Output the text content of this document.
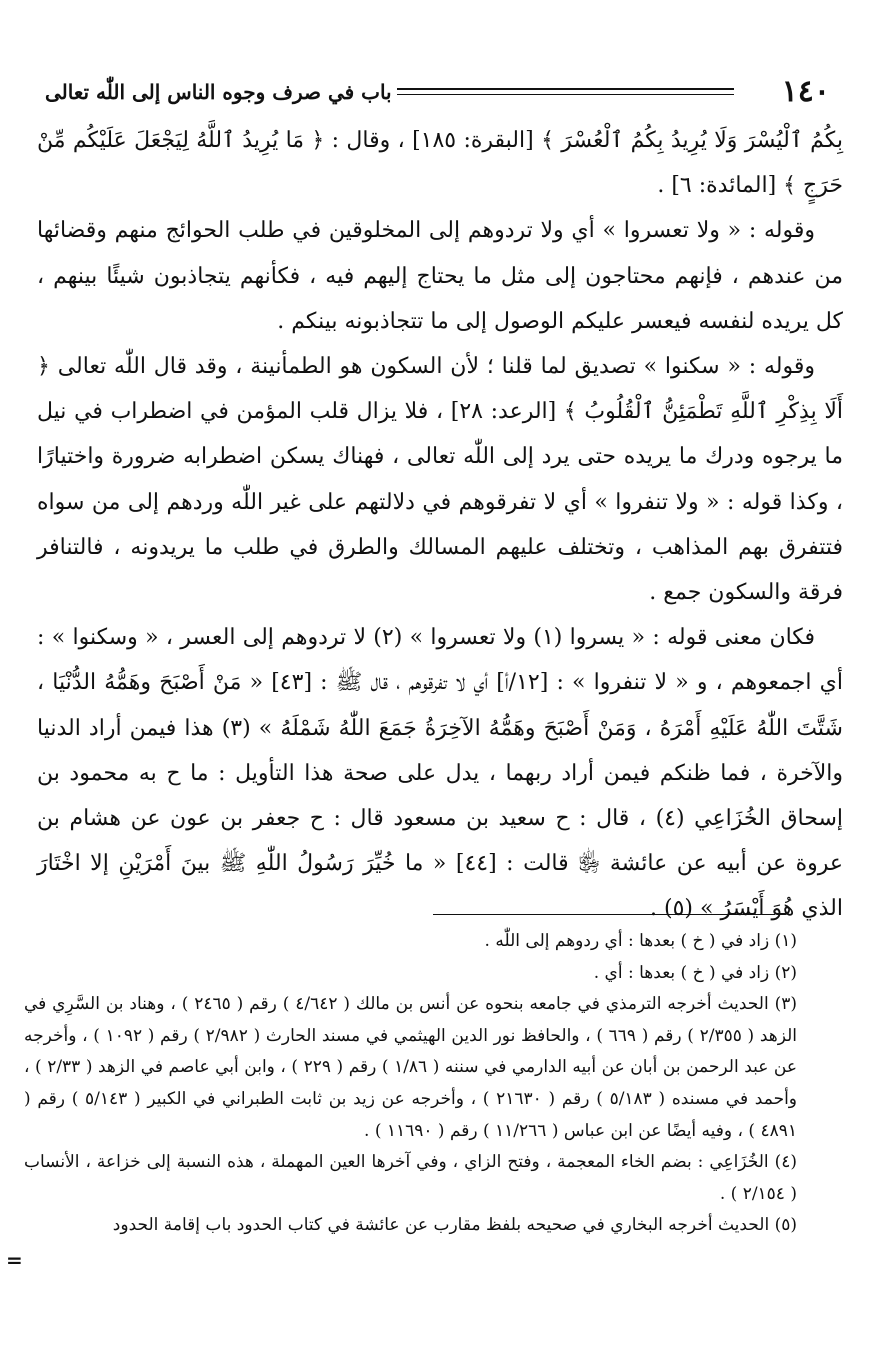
١٤٠
باب في صرف وجوه الناس إلى اللّٰه تعالى

بِكُمُ ٱلْيُسْرَ وَلَا يُرِيدُ بِكُمُ ٱلْعُسْرَ ﴾ [البقرة: ١٨٥] ، وقال : ﴿ مَا يُرِيدُ ٱللَّهُ لِيَجْعَلَ عَلَيْكُم مِّنْ حَرَجٍ ﴾ [المائدة: ٦] .

وقوله : « ولا تعسروا » أي ولا تردوهم إلى المخلوقين في طلب الحوائج منهم وقضائها من عندهم ، فإنهم محتاجون إلى مثل ما يحتاج إليهم فيه ، فكأنهم يتجاذبون شيئًا بينهم ، كل يريده لنفسه فيعسر عليكم الوصول إلى ما تتجاذبونه بينكم .

وقوله : « سكنوا » تصديق لما قلنا ؛ لأن السكون هو الطمأنينة ، وقد قال اللّٰه تعالى ﴿ أَلَا بِذِكْرِ ٱللَّهِ تَطْمَئِنُّ ٱلْقُلُوبُ ﴾ [الرعد: ٢٨] ، فلا يزال قلب المؤمن في اضطراب في نيل ما يرجوه ودرك ما يريده حتى يرد إلى اللّٰه تعالى ، فهناك يسكن اضطرابه ضرورة واختيارًا ، وكذا قوله : « ولا تنفروا » أي لا تفرقوهم في دلالتهم على غير اللّٰه وردهم إلى من سواه فتتفرق بهم المذاهب ، وتختلف عليهم المسالك والطرق في طلب ما يريدونه ، فالتنافر فرقة والسكون جمع .

فكان معنى قوله : « يسروا (١) ولا تعسروا » (٢) لا تردوهم إلى العسر ، « وسكنوا » : أي اجمعوهم ، و « لا تنفروا » : [١٢/أ] أي لا تفرقوهم ، قال ﷺ : [٤٣] « مَنْ أَصْبَحَ وهَمُّهُ الدُّنْيَا ، شَتَّتَ اللّٰهُ عَلَيْهِ أَمْرَهُ ، وَمَنْ أَصْبَحَ وهَمُّهُ الآخِرَةُ جَمَعَ اللّٰهُ شَمْلَهُ » (٣) هذا فيمن أراد الدنيا والآخرة ، فما ظنكم فيمن أراد ربهما ، يدل على صحة هذا التأويل : ما ح به محمود بن إسحاق الخُزَاعِي (٤) ، قال : ح سعيد بن مسعود قال : ح جعفر بن عون عن هشام بن عروة عن أبيه عن عائشة ﵂ قالت : [٤٤] « ما خُيِّرَ رَسُولُ اللّٰهِ ﷺ بينَ أَمْرَيْنِ إلا اخْتَارَ الذي هُوَ أَيْسَرُ » (٥) .

(١) زاد في ( خ ) بعدها : أي ردوهم إلى اللّٰه .

(٢) زاد في ( خ ) بعدها : أي .

(٣) الحديث أخرجه الترمذي في جامعه بنحوه عن أنس بن مالك ( ٤/٦٤٢ ) رقم ( ٢٤٦٥ ) ، وهناد بن السَّرِي في الزهد ( ٢/٣٥٥ ) رقم ( ٦٦٩ ) ، والحافظ نور الدين الهيثمي في مسند الحارث ( ٢/٩٨٢ ) رقم ( ١٠٩٢ ) ، وأخرجه عن عبد الرحمن بن أبان عن أبيه الدارمي في سننه ( ١/٨٦ ) رقم ( ٢٢٩ ) ، وابن أبي عاصم في الزهد ( ٢/٣٣ ) ، وأحمد في مسنده ( ٥/١٨٣ ) رقم ( ٢١٦٣٠ ) ، وأخرجه عن زيد بن ثابت الطبراني في الكبير ( ٥/١٤٣ ) رقم ( ٤٨٩١ ) ، وفيه أيضًا عن ابن عباس ( ١١/٢٦٦ ) رقم ( ١١٦٩٠ ) .

(٤) الخُزَاعِي : بضم الخاء المعجمة ، وفتح الزاي ، وفي آخرها العين المهملة ، هذه النسبة إلى خزاعة ، الأنساب ( ٢/١٥٤ ) .

(٥) الحديث أخرجه البخاري في صحيحه بلفظ مقارب عن عائشة في كتاب الحدود باب إقامة الحدود

=
